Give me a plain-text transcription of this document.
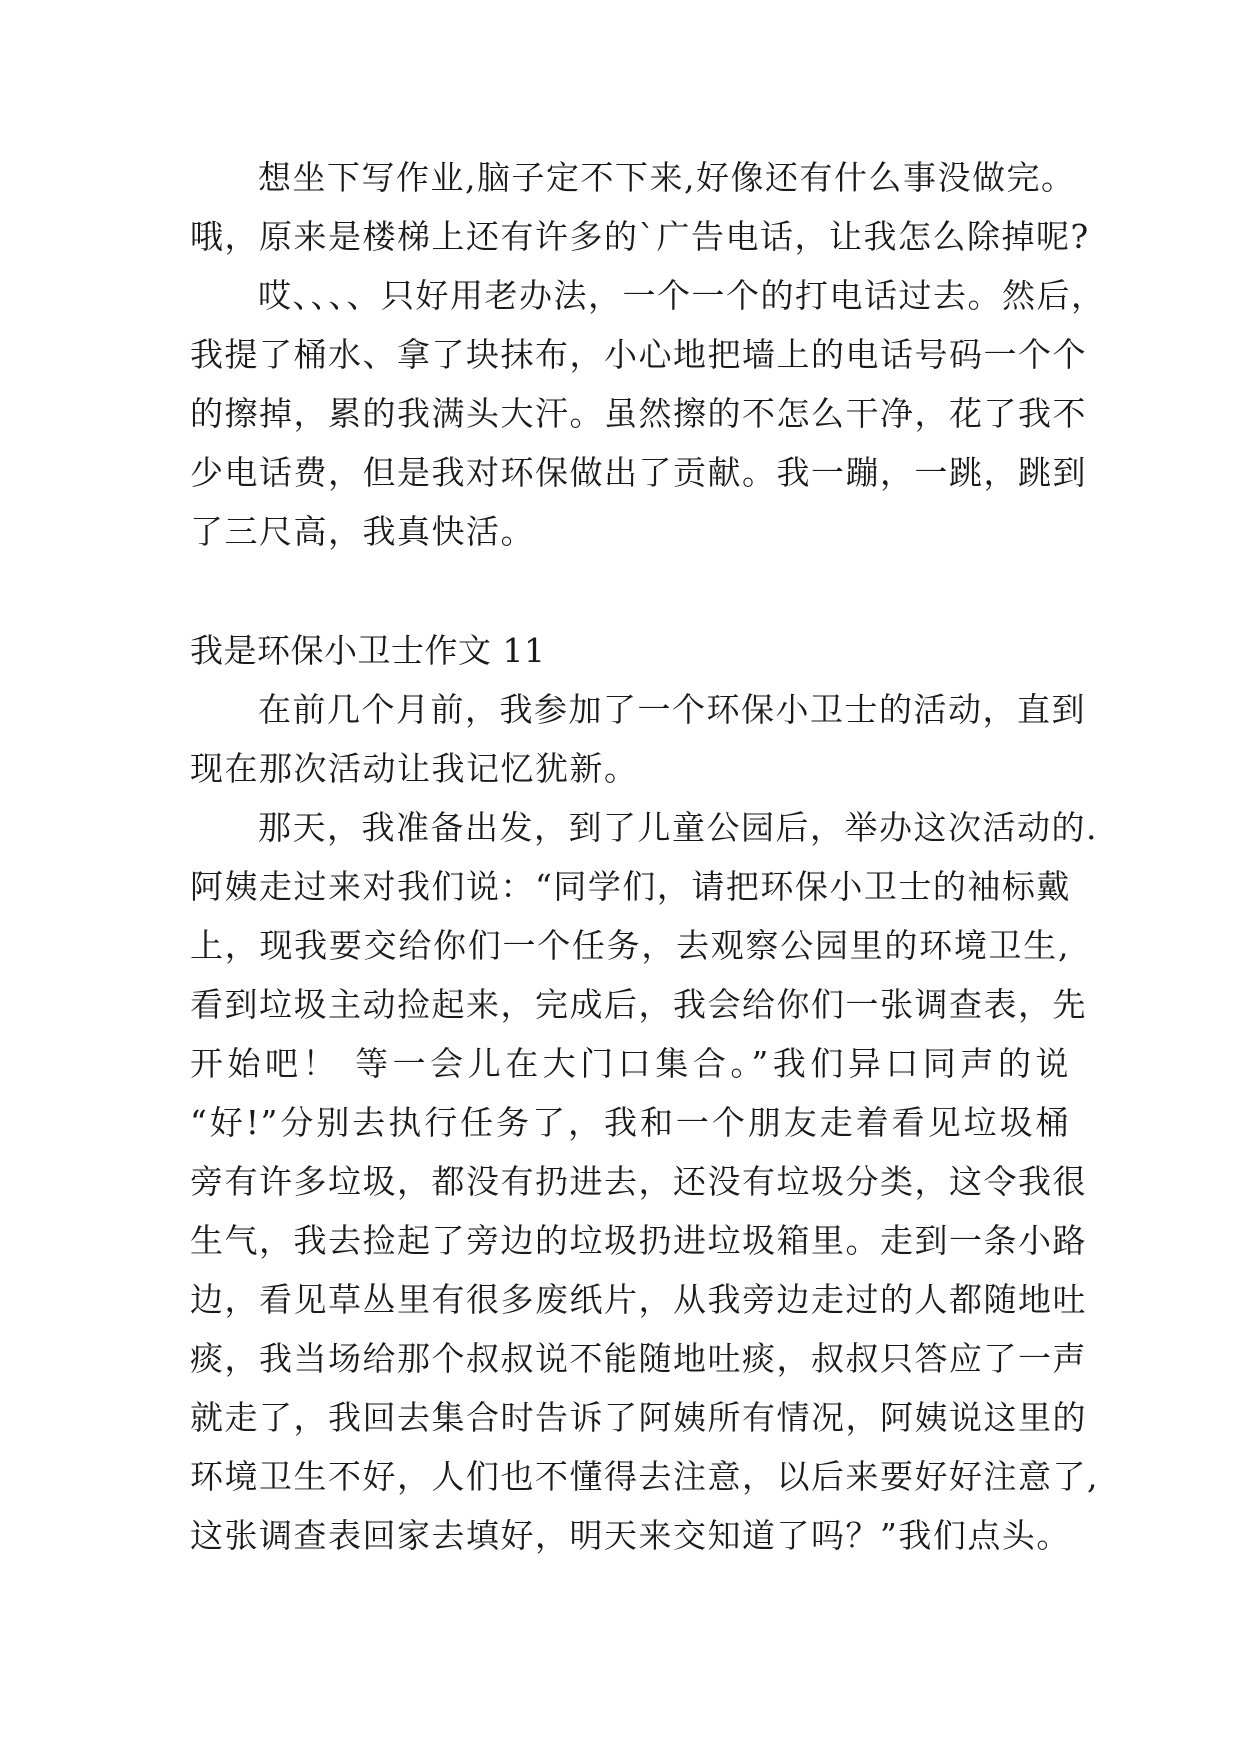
想坐下写作业,脑子定不下来,好像还有什么事没做完。
哦，原来是楼梯上还有许多的`广告电话，让我怎么除掉呢?
哎、、、、只好用老办法，一个一个的打电话过去。然后，
我提了桶水、拿了块抹布，小心地把墙上的电话号码一个个
的擦掉，累的我满头大汗。虽然擦的不怎么干净，花了我不
少电话费，但是我对环保做出了贡献。我一蹦，一跳，跳到
了三尺高，我真快活。
我是环保小卫士作文 11
在前几个月前，我参加了一个环保小卫士的活动，直到
现在那次活动让我记忆犹新。
那天，我准备出发，到了儿童公园后，举办这次活动的.
阿姨走过来对我们说：“同学们，请把环保小卫士的袖标戴
上，现我要交给你们一个任务，去观察公园里的环境卫生,
看到垃圾主动捡起来，完成后，我会给你们一张调查表，先
开始吧！ 等一会儿在大门口集合。”我们异口同声的说
“好!”分别去执行任务了，我和一个朋友走着看见垃圾桶
旁有许多垃圾，都没有扔进去，还没有垃圾分类，这令我很
生气，我去捡起了旁边的垃圾扔进垃圾箱里。走到一条小路
边，看见草丛里有很多废纸片，从我旁边走过的人都随地吐
痰，我当场给那个叔叔说不能随地吐痰，叔叔只答应了一声
就走了，我回去集合时告诉了阿姨所有情况，阿姨说这里的
环境卫生不好，人们也不懂得去注意，以后来要好好注意了,
这张调查表回家去填好，明天来交知道了吗？”我们点头。
